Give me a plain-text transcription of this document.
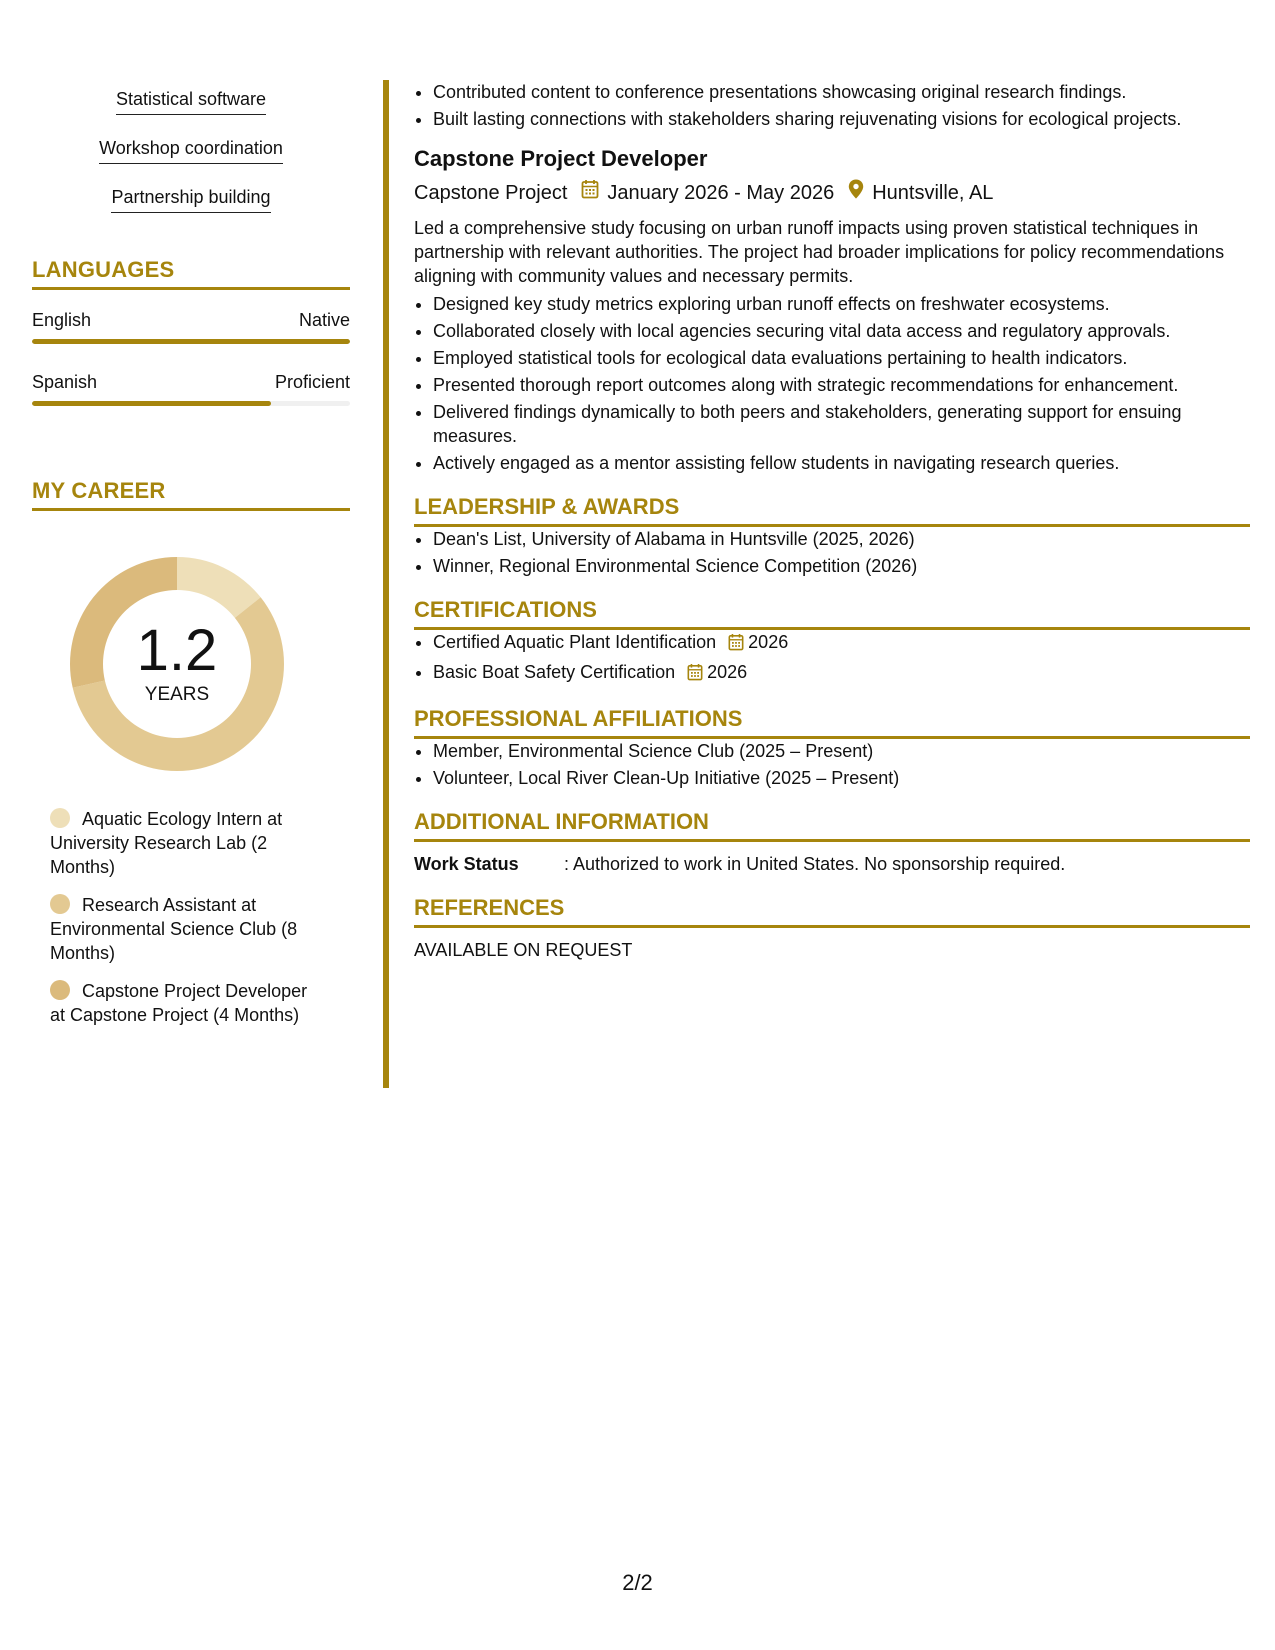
Statistical software
Workshop coordination
Partnership building
LANGUAGES
English	Native
Spanish	Proficient
MY CAREER
1.2
YEARS
Aquatic Ecology Intern at University Research Lab (2 Months)
Research Assistant at Environmental Science Club (8 Months)
Capstone Project Developer at Capstone Project (4 Months)
• Contributed content to conference presentations showcasing original research findings.
• Built lasting connections with stakeholders sharing rejuvenating visions for ecological projects.
Capstone Project Developer
Capstone Project January 2026 - May 2026 Huntsville, AL
Led a comprehensive study focusing on urban runoff impacts using proven statistical techniques in partnership with relevant authorities. The project had broader implications for policy recommendations aligning with community values and necessary permits.
• Designed key study metrics exploring urban runoff effects on freshwater ecosystems.
• Collaborated closely with local agencies securing vital data access and regulatory approvals.
• Employed statistical tools for ecological data evaluations pertaining to health indicators.
• Presented thorough report outcomes along with strategic recommendations for enhancement.
• Delivered findings dynamically to both peers and stakeholders, generating support for ensuing measures.
• Actively engaged as a mentor assisting fellow students in navigating research queries.
LEADERSHIP & AWARDS
• Dean's List, University of Alabama in Huntsville (2025, 2026)
• Winner, Regional Environmental Science Competition (2026)
CERTIFICATIONS
• Certified Aquatic Plant Identification 2026
• Basic Boat Safety Certification 2026
PROFESSIONAL AFFILIATIONS
• Member, Environmental Science Club (2025 – Present)
• Volunteer, Local River Clean-Up Initiative (2025 – Present)
ADDITIONAL INFORMATION
Work Status	: Authorized to work in United States. No sponsorship required.
REFERENCES
AVAILABLE ON REQUEST
2/2
